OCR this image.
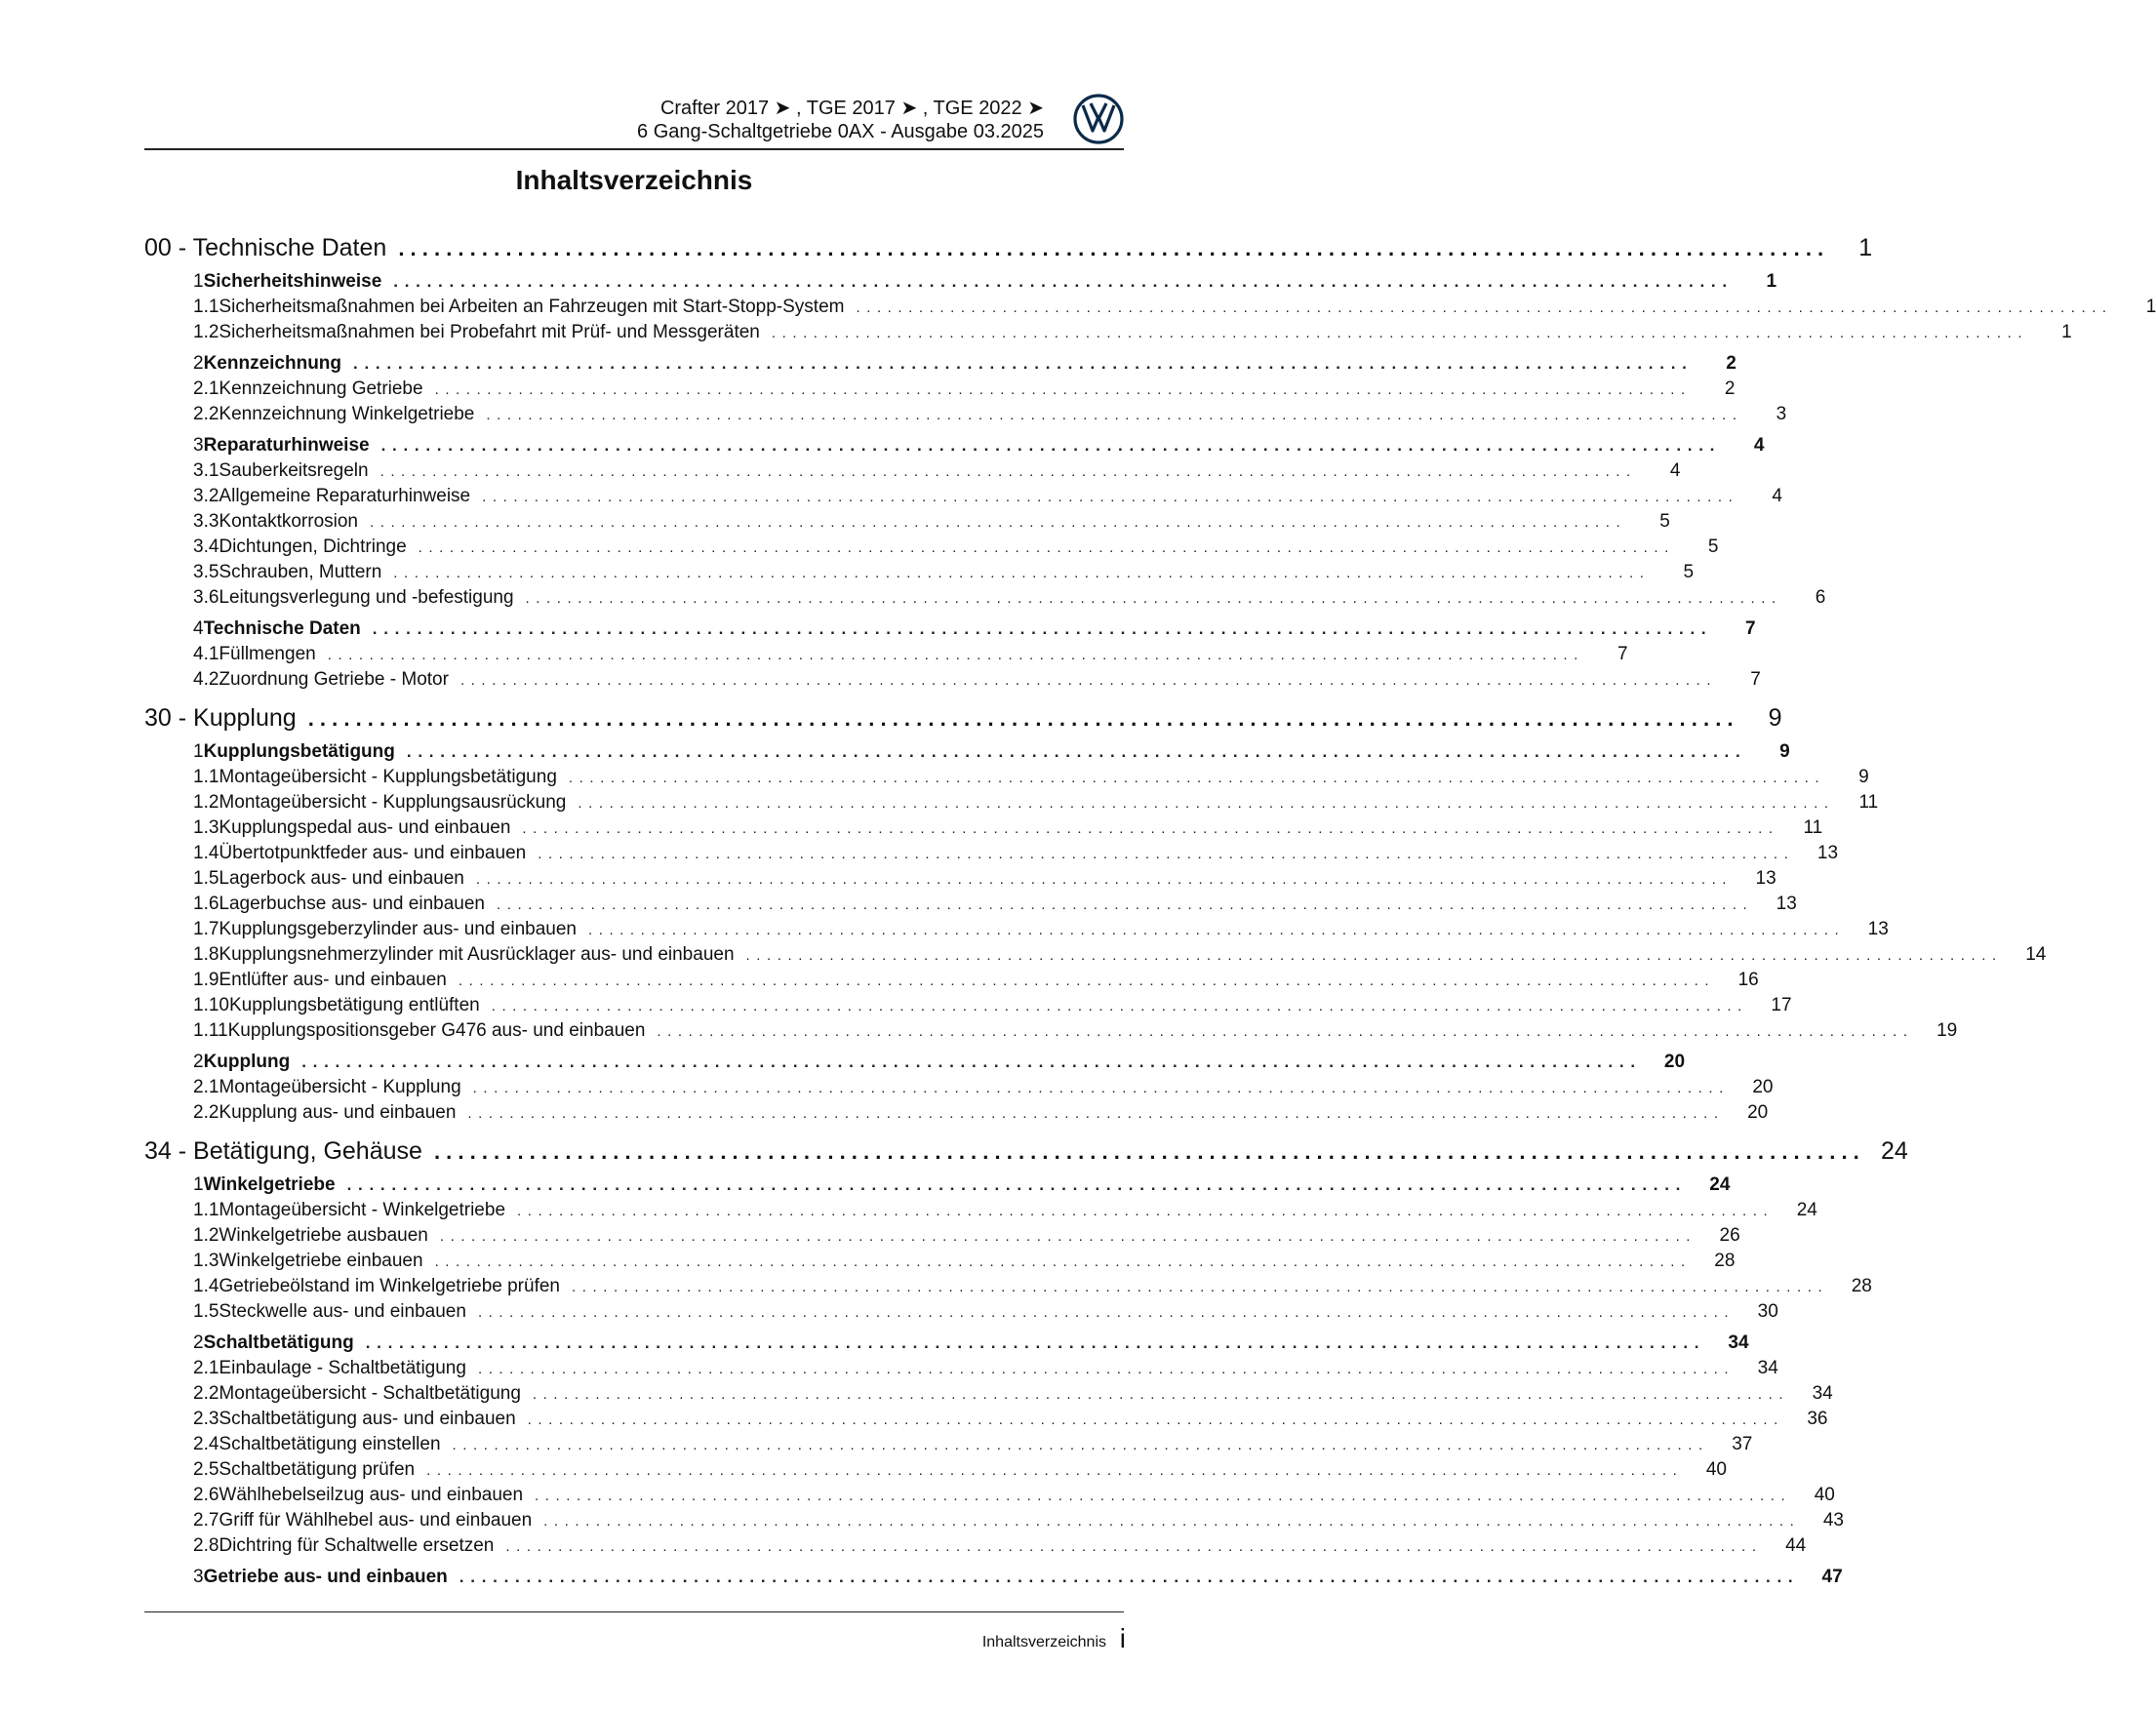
Crafter 2017 ➤ , TGE 2017 ➤ , TGE 2022 ➤
6 Gang-Schaltgetriebe 0AX - Ausgabe 03.2025
Inhaltsverzeichnis
00 - Technische Daten . . . . . . . . . . . . . . . . . . . . . . . . . . . . . . . . . . . . . . . . . . . . . . . . . . . . . . . . . . . . . . . . . . . . . . . . . . . . . . . . . . . . . . . . . . . . . . . . . . . . . . . . . . . . . . . . . . . . . . . .	1
1 Sicherheitshinweise . . . . . . . . . . . . . . . . . . . . . . . . . . . . . . . . . . . . . . . . . . . . . . . . . . . . . . . . . . . . . . . . . . . . . . . . . . . . . . . . . . . . . . . . . . . . . . . . . . . . . . . . . . . . . . . . . . . . . . . .	1
1.1 Sicherheitsmaßnahmen bei Arbeiten an Fahrzeugen mit Start-Stopp-System . . . . . . . . . . . . . . . . . . . . . . . . . . . . . . . . . . . . . . . . . . . . . . . . . . . . . . . . . . . . . . . . . . . . . . . . . . . . . . . . . . . . . . . . . . . . . . . . . . . . . . . . . . . . . . . . . . . . . . . .	1
1.2 Sicherheitsmaßnahmen bei Probefahrt mit Prüf- und Messgeräten . . . . . . . . . . . . . . . . . . . . . . . . . . . . . . . . . . . . . . . . . . . . . . . . . . . . . . . . . . . . . . . . . . . . . . . . . . . . . . . . . . . . . . . . . . . . . . . . . . . . . . . . . . . . . . . . . . . . . . . .	1
2 Kennzeichnung . . . . . . . . . . . . . . . . . . . . . . . . . . . . . . . . . . . . . . . . . . . . . . . . . . . . . . . . . . . . . . . . . . . . . . . . . . . . . . . . . . . . . . . . . . . . . . . . . . . . . . . . . . . . . . . . . . . . . . . .	2
2.1 Kennzeichnung Getriebe . . . . . . . . . . . . . . . . . . . . . . . . . . . . . . . . . . . . . . . . . . . . . . . . . . . . . . . . . . . . . . . . . . . . . . . . . . . . . . . . . . . . . . . . . . . . . . . . . . . . . . . . . . . . . . . . . . . . . . . .	2
2.2 Kennzeichnung Winkelgetriebe . . . . . . . . . . . . . . . . . . . . . . . . . . . . . . . . . . . . . . . . . . . . . . . . . . . . . . . . . . . . . . . . . . . . . . . . . . . . . . . . . . . . . . . . . . . . . . . . . . . . . . . . . . . . . . . . . . . . . . . .	3
3 Reparaturhinweise . . . . . . . . . . . . . . . . . . . . . . . . . . . . . . . . . . . . . . . . . . . . . . . . . . . . . . . . . . . . . . . . . . . . . . . . . . . . . . . . . . . . . . . . . . . . . . . . . . . . . . . . . . . . . . . . . . . . . . . .	4
3.1 Sauberkeitsregeln . . . . . . . . . . . . . . . . . . . . . . . . . . . . . . . . . . . . . . . . . . . . . . . . . . . . . . . . . . . . . . . . . . . . . . . . . . . . . . . . . . . . . . . . . . . . . . . . . . . . . . . . . . . . . . . . . . . . . . . .	4
3.2 Allgemeine Reparaturhinweise . . . . . . . . . . . . . . . . . . . . . . . . . . . . . . . . . . . . . . . . . . . . . . . . . . . . . . . . . . . . . . . . . . . . . . . . . . . . . . . . . . . . . . . . . . . . . . . . . . . . . . . . . . . . . . . . . . . . . . . .	4
3.3 Kontaktkorrosion . . . . . . . . . . . . . . . . . . . . . . . . . . . . . . . . . . . . . . . . . . . . . . . . . . . . . . . . . . . . . . . . . . . . . . . . . . . . . . . . . . . . . . . . . . . . . . . . . . . . . . . . . . . . . . . . . . . . . . . .	5
3.4 Dichtungen, Dichtringe . . . . . . . . . . . . . . . . . . . . . . . . . . . . . . . . . . . . . . . . . . . . . . . . . . . . . . . . . . . . . . . . . . . . . . . . . . . . . . . . . . . . . . . . . . . . . . . . . . . . . . . . . . . . . . . . . . . . . . . .	5
3.5 Schrauben, Muttern . . . . . . . . . . . . . . . . . . . . . . . . . . . . . . . . . . . . . . . . . . . . . . . . . . . . . . . . . . . . . . . . . . . . . . . . . . . . . . . . . . . . . . . . . . . . . . . . . . . . . . . . . . . . . . . . . . . . . . . .	5
3.6 Leitungsverlegung und -befestigung . . . . . . . . . . . . . . . . . . . . . . . . . . . . . . . . . . . . . . . . . . . . . . . . . . . . . . . . . . . . . . . . . . . . . . . . . . . . . . . . . . . . . . . . . . . . . . . . . . . . . . . . . . . . . . . . . . . . . . . .	6
4 Technische Daten . . . . . . . . . . . . . . . . . . . . . . . . . . . . . . . . . . . . . . . . . . . . . . . . . . . . . . . . . . . . . . . . . . . . . . . . . . . . . . . . . . . . . . . . . . . . . . . . . . . . . . . . . . . . . . . . . . . . . . . .	7
4.1 Füllmengen . . . . . . . . . . . . . . . . . . . . . . . . . . . . . . . . . . . . . . . . . . . . . . . . . . . . . . . . . . . . . . . . . . . . . . . . . . . . . . . . . . . . . . . . . . . . . . . . . . . . . . . . . . . . . . . . . . . . . . . .	7
4.2 Zuordnung Getriebe - Motor . . . . . . . . . . . . . . . . . . . . . . . . . . . . . . . . . . . . . . . . . . . . . . . . . . . . . . . . . . . . . . . . . . . . . . . . . . . . . . . . . . . . . . . . . . . . . . . . . . . . . . . . . . . . . . . . . . . . . . . .	7
30 - Kupplung . . . . . . . . . . . . . . . . . . . . . . . . . . . . . . . . . . . . . . . . . . . . . . . . . . . . . . . . . . . . . . . . . . . . . . . . . . . . . . . . . . . . . . . . . . . . . . . . . . . . . . . . . . . . . . . . . . . . . . . .	9
1 Kupplungsbetätigung . . . . . . . . . . . . . . . . . . . . . . . . . . . . . . . . . . . . . . . . . . . . . . . . . . . . . . . . . . . . . . . . . . . . . . . . . . . . . . . . . . . . . . . . . . . . . . . . . . . . . . . . . . . . . . . . . . . . . . . .	9
1.1 Montageübersicht - Kupplungsbetätigung . . . . . . . . . . . . . . . . . . . . . . . . . . . . . . . . . . . . . . . . . . . . . . . . . . . . . . . . . . . . . . . . . . . . . . . . . . . . . . . . . . . . . . . . . . . . . . . . . . . . . . . . . . . . . . . . . . . . . . . .	9
1.2 Montageübersicht - Kupplungsausrückung . . . . . . . . . . . . . . . . . . . . . . . . . . . . . . . . . . . . . . . . . . . . . . . . . . . . . . . . . . . . . . . . . . . . . . . . . . . . . . . . . . . . . . . . . . . . . . . . . . . . . . . . . . . . . . . . . . . . . . . .	11
1.3 Kupplungspedal aus- und einbauen . . . . . . . . . . . . . . . . . . . . . . . . . . . . . . . . . . . . . . . . . . . . . . . . . . . . . . . . . . . . . . . . . . . . . . . . . . . . . . . . . . . . . . . . . . . . . . . . . . . . . . . . . . . . . . . . . . . . . . . .	11
1.4 Übertotpunktfeder aus- und einbauen . . . . . . . . . . . . . . . . . . . . . . . . . . . . . . . . . . . . . . . . . . . . . . . . . . . . . . . . . . . . . . . . . . . . . . . . . . . . . . . . . . . . . . . . . . . . . . . . . . . . . . . . . . . . . . . . . . . . . . . .	13
1.5 Lagerbock aus- und einbauen . . . . . . . . . . . . . . . . . . . . . . . . . . . . . . . . . . . . . . . . . . . . . . . . . . . . . . . . . . . . . . . . . . . . . . . . . . . . . . . . . . . . . . . . . . . . . . . . . . . . . . . . . . . . . . . . . . . . . . . .	13
1.6 Lagerbuchse aus- und einbauen . . . . . . . . . . . . . . . . . . . . . . . . . . . . . . . . . . . . . . . . . . . . . . . . . . . . . . . . . . . . . . . . . . . . . . . . . . . . . . . . . . . . . . . . . . . . . . . . . . . . . . . . . . . . . . . . . . . . . . . .	13
1.7 Kupplungsgeberzylinder aus- und einbauen . . . . . . . . . . . . . . . . . . . . . . . . . . . . . . . . . . . . . . . . . . . . . . . . . . . . . . . . . . . . . . . . . . . . . . . . . . . . . . . . . . . . . . . . . . . . . . . . . . . . . . . . . . . . . . . . . . . . . . . .	13
1.8 Kupplungsnehmerzylinder mit Ausrücklager aus- und einbauen . . . . . . . . . . . . . . . . . . . . . . . . . . . . . . . . . . . . . . . . . . . . . . . . . . . . . . . . . . . . . . . . . . . . . . . . . . . . . . . . . . . . . . . . . . . . . . . . . . . . . . . . . . . . . . . . . . . . . . . .	14
1.9 Entlüfter aus- und einbauen . . . . . . . . . . . . . . . . . . . . . . . . . . . . . . . . . . . . . . . . . . . . . . . . . . . . . . . . . . . . . . . . . . . . . . . . . . . . . . . . . . . . . . . . . . . . . . . . . . . . . . . . . . . . . . . . . . . . . . . .	16
1.10 Kupplungsbetätigung entlüften . . . . . . . . . . . . . . . . . . . . . . . . . . . . . . . . . . . . . . . . . . . . . . . . . . . . . . . . . . . . . . . . . . . . . . . . . . . . . . . . . . . . . . . . . . . . . . . . . . . . . . . . . . . . . . . . . . . . . . . .	17
1.11 Kupplungspositionsgeber G476 aus- und einbauen . . . . . . . . . . . . . . . . . . . . . . . . . . . . . . . . . . . . . . . . . . . . . . . . . . . . . . . . . . . . . . . . . . . . . . . . . . . . . . . . . . . . . . . . . . . . . . . . . . . . . . . . . . . . . . . . . . . . . . . .	19
2 Kupplung . . . . . . . . . . . . . . . . . . . . . . . . . . . . . . . . . . . . . . . . . . . . . . . . . . . . . . . . . . . . . . . . . . . . . . . . . . . . . . . . . . . . . . . . . . . . . . . . . . . . . . . . . . . . . . . . . . . . . . . .	20
2.1 Montageübersicht - Kupplung . . . . . . . . . . . . . . . . . . . . . . . . . . . . . . . . . . . . . . . . . . . . . . . . . . . . . . . . . . . . . . . . . . . . . . . . . . . . . . . . . . . . . . . . . . . . . . . . . . . . . . . . . . . . . . . . . . . . . . . .	20
2.2 Kupplung aus- und einbauen . . . . . . . . . . . . . . . . . . . . . . . . . . . . . . . . . . . . . . . . . . . . . . . . . . . . . . . . . . . . . . . . . . . . . . . . . . . . . . . . . . . . . . . . . . . . . . . . . . . . . . . . . . . . . . . . . . . . . . . .	20
34 - Betätigung, Gehäuse . . . . . . . . . . . . . . . . . . . . . . . . . . . . . . . . . . . . . . . . . . . . . . . . . . . . . . . . . . . . . . . . . . . . . . . . . . . . . . . . . . . . . . . . . . . . . . . . . . . . . . . . . . . . . . . . . . . . . . . . 24
1 Winkelgetriebe . . . . . . . . . . . . . . . . . . . . . . . . . . . . . . . . . . . . . . . . . . . . . . . . . . . . . . . . . . . . . . . . . . . . . . . . . . . . . . . . . . . . . . . . . . . . . . . . . . . . . . . . . . . . . . . . . . . . . . . .	24
1.1 Montageübersicht - Winkelgetriebe . . . . . . . . . . . . . . . . . . . . . . . . . . . . . . . . . . . . . . . . . . . . . . . . . . . . . . . . . . . . . . . . . . . . . . . . . . . . . . . . . . . . . . . . . . . . . . . . . . . . . . . . . . . . . . . . . . . . . . . .	24
1.2 Winkelgetriebe ausbauen . . . . . . . . . . . . . . . . . . . . . . . . . . . . . . . . . . . . . . . . . . . . . . . . . . . . . . . . . . . . . . . . . . . . . . . . . . . . . . . . . . . . . . . . . . . . . . . . . . . . . . . . . . . . . . . . . . . . . . . .	26
1.3 Winkelgetriebe einbauen . . . . . . . . . . . . . . . . . . . . . . . . . . . . . . . . . . . . . . . . . . . . . . . . . . . . . . . . . . . . . . . . . . . . . . . . . . . . . . . . . . . . . . . . . . . . . . . . . . . . . . . . . . . . . . . . . . . . . . . .	28
1.4 Getriebeölstand im Winkelgetriebe prüfen . . . . . . . . . . . . . . . . . . . . . . . . . . . . . . . . . . . . . . . . . . . . . . . . . . . . . . . . . . . . . . . . . . . . . . . . . . . . . . . . . . . . . . . . . . . . . . . . . . . . . . . . . . . . . . . . . . . . . . . .	28
1.5 Steckwelle aus- und einbauen . . . . . . . . . . . . . . . . . . . . . . . . . . . . . . . . . . . . . . . . . . . . . . . . . . . . . . . . . . . . . . . . . . . . . . . . . . . . . . . . . . . . . . . . . . . . . . . . . . . . . . . . . . . . . . . . . . . . . . . .	30
2 Schaltbetätigung . . . . . . . . . . . . . . . . . . . . . . . . . . . . . . . . . . . . . . . . . . . . . . . . . . . . . . . . . . . . . . . . . . . . . . . . . . . . . . . . . . . . . . . . . . . . . . . . . . . . . . . . . . . . . . . . . . . . . . . .	34
2.1 Einbaulage - Schaltbetätigung . . . . . . . . . . . . . . . . . . . . . . . . . . . . . . . . . . . . . . . . . . . . . . . . . . . . . . . . . . . . . . . . . . . . . . . . . . . . . . . . . . . . . . . . . . . . . . . . . . . . . . . . . . . . . . . . . . . . . . . .	34
2.2 Montageübersicht - Schaltbetätigung . . . . . . . . . . . . . . . . . . . . . . . . . . . . . . . . . . . . . . . . . . . . . . . . . . . . . . . . . . . . . . . . . . . . . . . . . . . . . . . . . . . . . . . . . . . . . . . . . . . . . . . . . . . . . . . . . . . . . . . .	34
2.3 Schaltbetätigung aus- und einbauen . . . . . . . . . . . . . . . . . . . . . . . . . . . . . . . . . . . . . . . . . . . . . . . . . . . . . . . . . . . . . . . . . . . . . . . . . . . . . . . . . . . . . . . . . . . . . . . . . . . . . . . . . . . . . . . . . . . . . . . .	36
2.4 Schaltbetätigung einstellen . . . . . . . . . . . . . . . . . . . . . . . . . . . . . . . . . . . . . . . . . . . . . . . . . . . . . . . . . . . . . . . . . . . . . . . . . . . . . . . . . . . . . . . . . . . . . . . . . . . . . . . . . . . . . . . . . . . . . . . .	37
2.5 Schaltbetätigung prüfen . . . . . . . . . . . . . . . . . . . . . . . . . . . . . . . . . . . . . . . . . . . . . . . . . . . . . . . . . . . . . . . . . . . . . . . . . . . . . . . . . . . . . . . . . . . . . . . . . . . . . . . . . . . . . . . . . . . . . . . .	40
2.6 Wählhebelseilzug aus- und einbauen . . . . . . . . . . . . . . . . . . . . . . . . . . . . . . . . . . . . . . . . . . . . . . . . . . . . . . . . . . . . . . . . . . . . . . . . . . . . . . . . . . . . . . . . . . . . . . . . . . . . . . . . . . . . . . . . . . . . . . . .	40
2.7 Griff für Wählhebel aus- und einbauen . . . . . . . . . . . . . . . . . . . . . . . . . . . . . . . . . . . . . . . . . . . . . . . . . . . . . . . . . . . . . . . . . . . . . . . . . . . . . . . . . . . . . . . . . . . . . . . . . . . . . . . . . . . . . . . . . . . . . . . .	43
2.8 Dichtring für Schaltwelle ersetzen . . . . . . . . . . . . . . . . . . . . . . . . . . . . . . . . . . . . . . . . . . . . . . . . . . . . . . . . . . . . . . . . . . . . . . . . . . . . . . . . . . . . . . . . . . . . . . . . . . . . . . . . . . . . . . . . . . . . . . . .	44
3 Getriebe aus- und einbauen . . . . . . . . . . . . . . . . . . . . . . . . . . . . . . . . . . . . . . . . . . . . . . . . . . . . . . . . . . . . . . . . . . . . . . . . . . . . . . . . . . . . . . . . . . . . . . . . . . . . . . . . . . . . . . . . . . . . . . . .	47
Inhaltsverzeichnis i
